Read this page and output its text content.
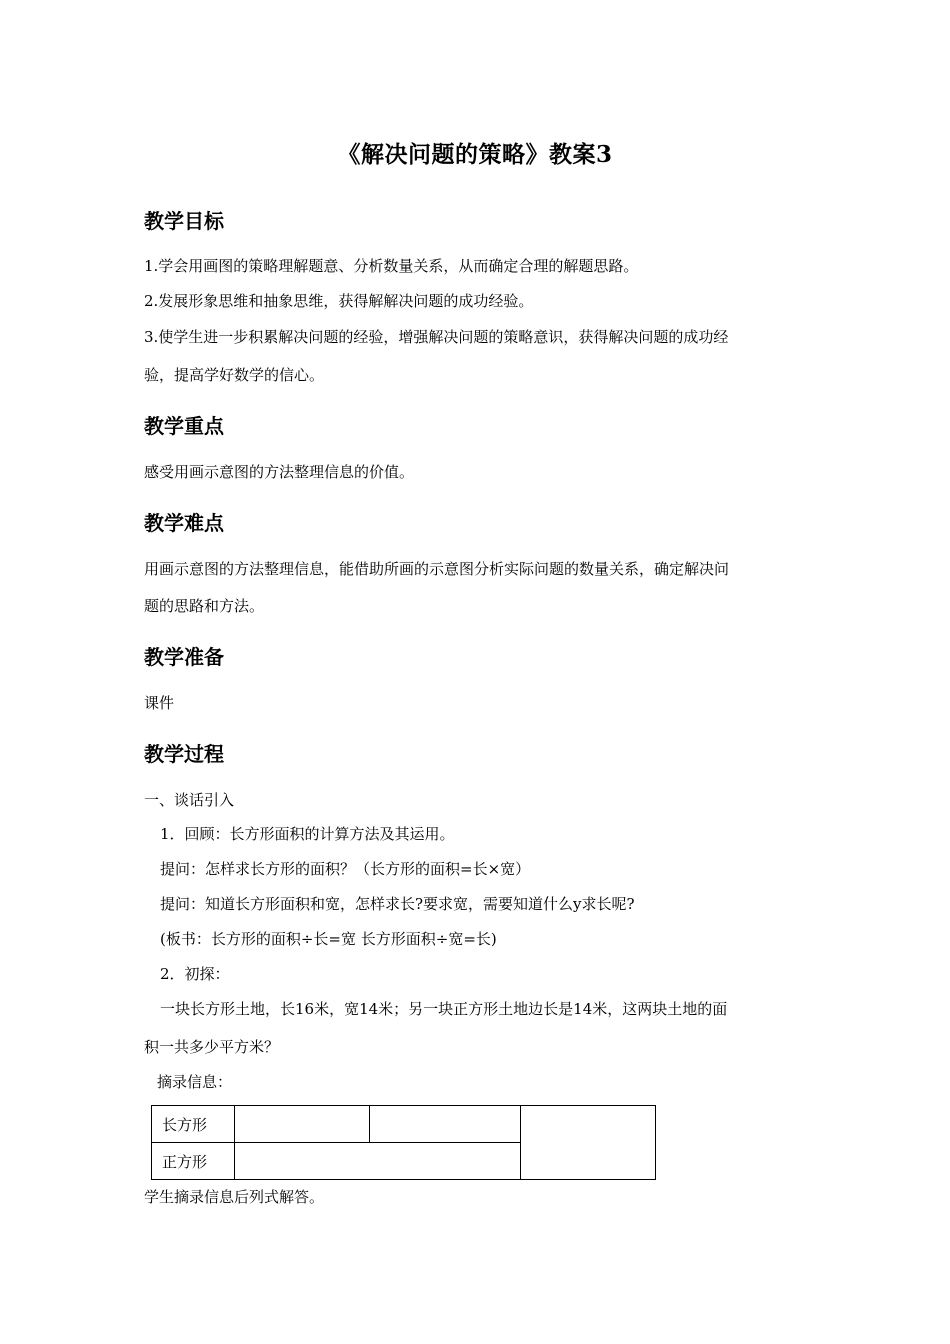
《解决问题的策略》教案3
教学目标
1.学会用画图的策略理解题意、分析数量关系，从而确定合理的解题思路。
2.发展形象思维和抽象思维，获得解解决问题的成功经验。
3.使学生进一步积累解决问题的经验，增强解决问题的策略意识，获得解决问题的成功经
验，提高学好数学的信心。
教学重点
感受用画示意图的方法整理信息的价值。
教学难点
用画示意图的方法整理信息，能借助所画的示意图分析实际问题的数量关系，确定解决问
题的思路和方法。
教学准备
课件
教学过程
一、谈话引入
1．回顾：长方形面积的计算方法及其运用。
提问：怎样求长方形的面积？（长方形的面积=长×宽）
提问：知道长方形面积和宽，怎样求长?要求宽，需要知道什么y求长呢?
(板书：长方形的面积÷长=宽 长方形面积÷宽=长)
2．初探：
一块长方形土地，长16米，宽14米；另一块正方形土地边长是14米，这两块土地的面
积一共多少平方米？
摘录信息：
长方形			
正方形			
学生摘录信息后列式解答。
